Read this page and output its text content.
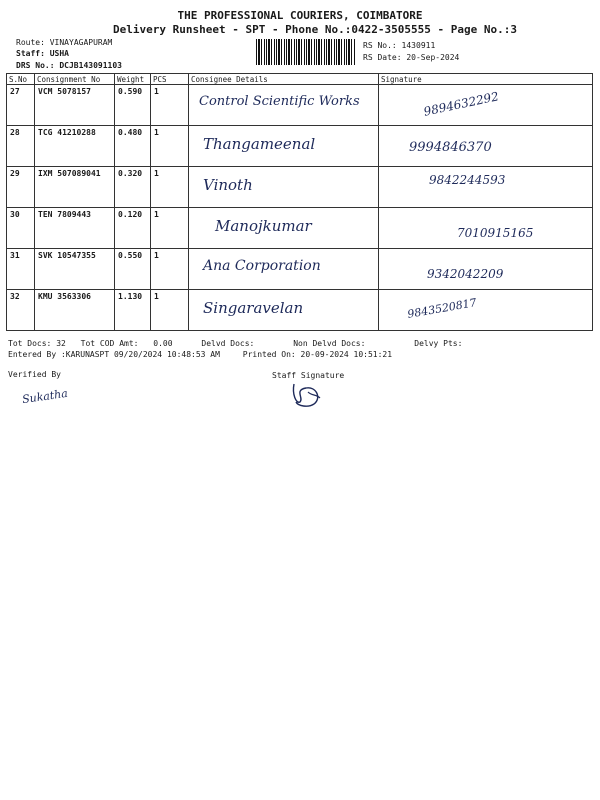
THE PROFESSIONAL COURIERS, COIMBATORE
Delivery Runsheet - SPT - Phone No.:0422-3505555 - Page No.:3
Route: VINAYAGAPURAM
Staff: USHA
DRS No.: DCJB143091103
RS No.: 1430911
RS Date: 20-Sep-2024
S.No	Consignment No	Weight	PCS	Consignee Details	Signature
27	VCM 5078157	0.590	1	Control Scientific Works	9894632292

28	TCG 41210288	0.480	1	Thangameenal	9994846370

29	IXM 507089041	0.320	1	Vinoth	9842244593

30	TEN 7809443	0.120	1	Manojkumar	7010915165

31	SVK 10547355	0.550	1	Ana Corporation	9342042209

32	KMU 3563306	1.130	1	Singaravelan	9843520817
Tot Docs: 32 Tot COD Amt: 0.00	Delvd Docs:	Non Delvd Docs:	Delvy Pts:
Entered By :KARUNASPT 09/20/2024 10:48:53 AM	Printed On: 20-09-2024 10:51:21
Verified By
Sukatha
Staff Signature
